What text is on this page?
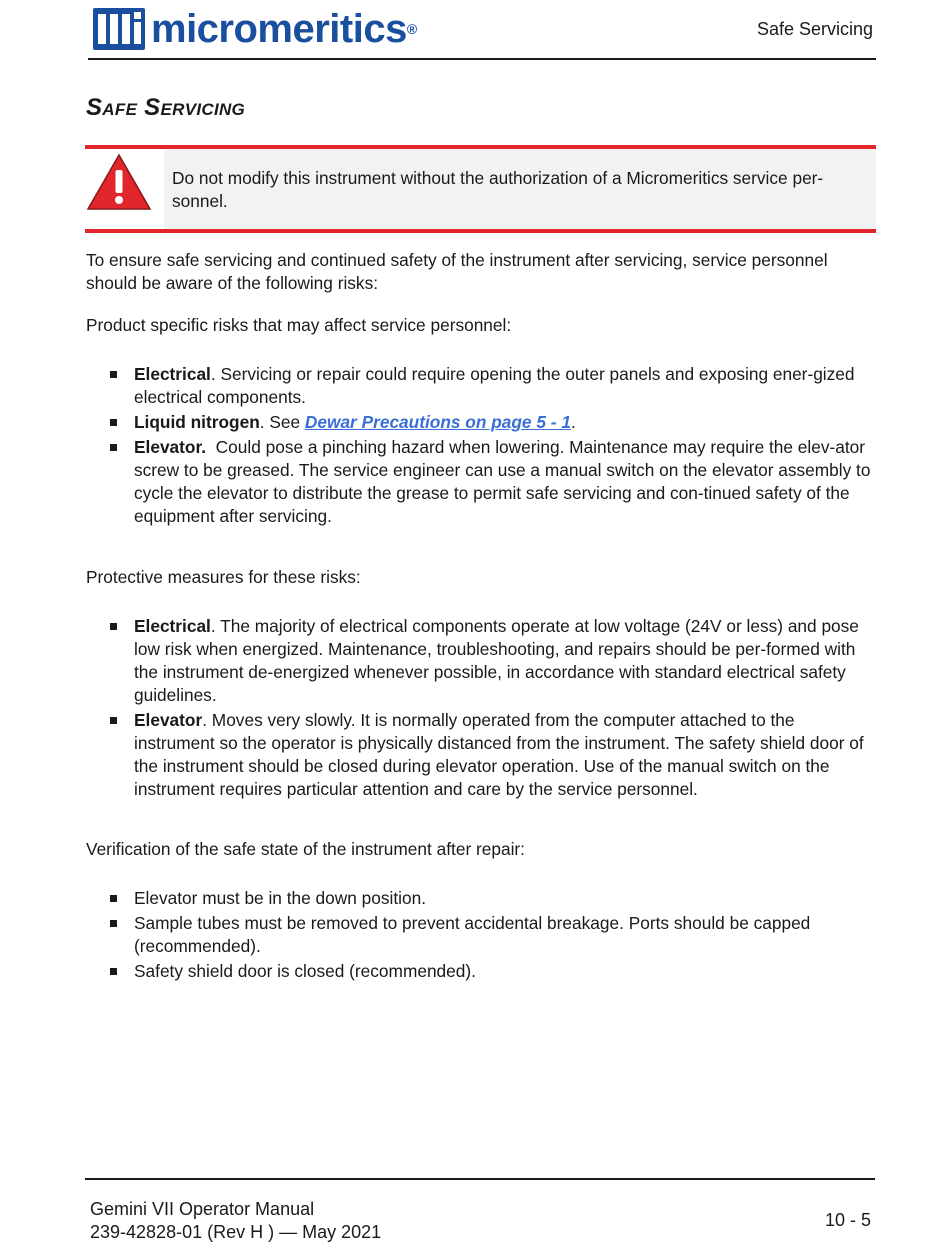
micromeritics ®	Safe Servicing
Safe Servicing
Do not modify this instrument without the authorization of a Micromeritics service per-sonnel.

To ensure safe servicing and continued safety of the instrument after servicing, service personnel should be aware of the following risks:

Product specific risks that may affect service personnel:

Electrical. Servicing or repair could require opening the outer panels and exposing ener-gized electrical components.
Liquid nitrogen. See Dewar Precautions on page 5 - 1.
Elevator.  Could pose a pinching hazard when lowering. Maintenance may require the elev-ator screw to be greased. The service engineer can use a manual switch on the elevator assembly to cycle the elevator to distribute the grease to permit safe servicing and con-tinued safety of the equipment after servicing.

Protective measures for these risks:

Electrical. The majority of electrical components operate at low voltage (24V or less) and pose low risk when energized. Maintenance, troubleshooting, and repairs should be per-formed with the instrument de-energized whenever possible, in accordance with standard electrical safety guidelines.
Elevator. Moves very slowly. It is normally operated from the computer attached to the instrument so the operator is physically distanced from the instrument. The safety shield door of the instrument should be closed during elevator operation. Use of the manual switch on the instrument requires particular attention and care by the service personnel.

Verification of the safe state of the instrument after repair:

Elevator must be in the down position.
Sample tubes must be removed to prevent accidental breakage. Ports should be capped (recommended).
Safety shield door is closed (recommended).
Gemini VII Operator Manual
239-42828-01 (Rev H ) — May 2021
10 - 5
